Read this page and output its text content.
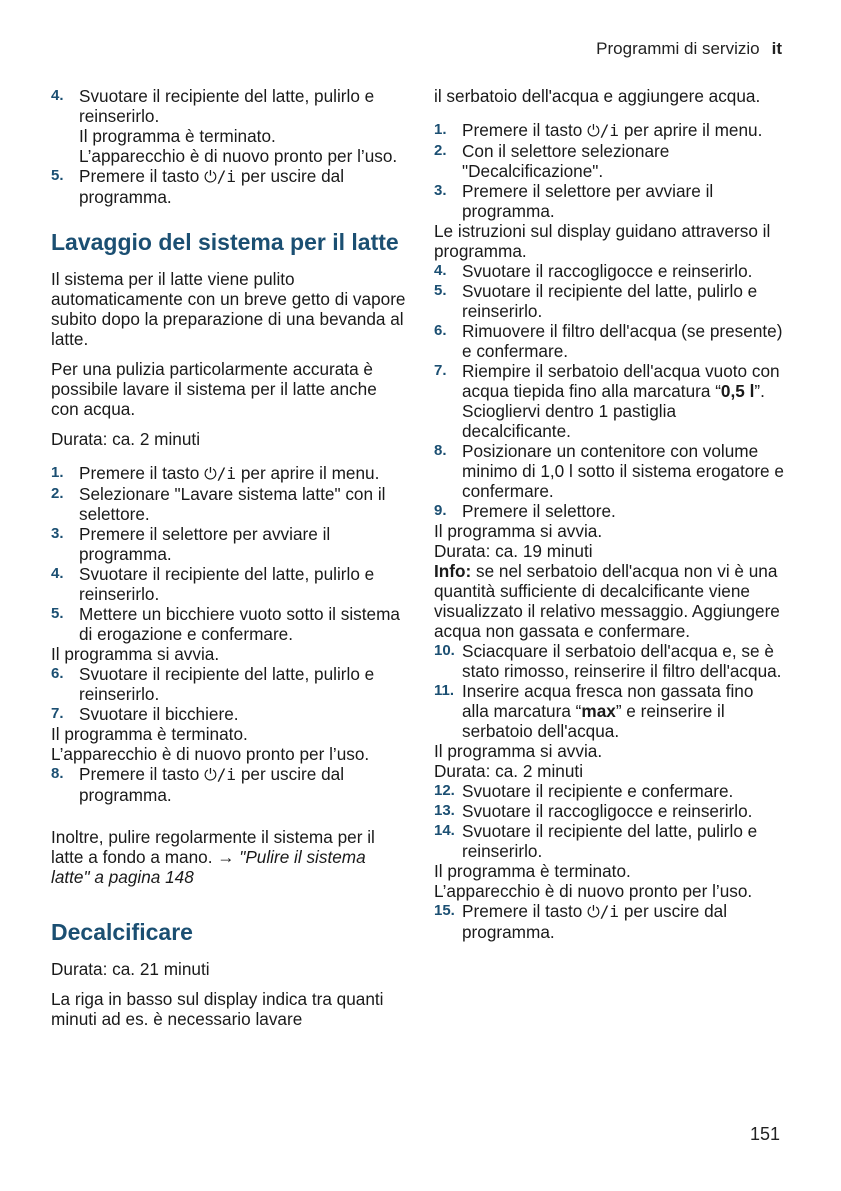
Programmi di servizio it
4. Svuotare il recipiente del latte, pulirlo e reinserirlo.

Il programma è terminato.

L’apparecchio è di nuovo pronto per l’uso.

5. Premere il tasto ⏻/i per uscire dal programma.

Lavaggio del sistema per il latte

Il sistema per il latte viene pulito automaticamente con un breve getto di vapore subito dopo la preparazione di una bevanda al latte.

Per una pulizia particolarmente accurata è possibile lavare il sistema per il latte anche con acqua.

Durata: ca. 2 minuti

1. Premere il tasto ⏻/i per aprire il menu.

2. Selezionare "Lavare sistema latte" con il selettore.

3. Premere il selettore per avviare il programma.

4. Svuotare il recipiente del latte, pulirlo e reinserirlo.

5. Mettere un bicchiere vuoto sotto il sistema di erogazione e confermare.

Il programma si avvia.

6. Svuotare il recipiente del latte, pulirlo e reinserirlo.

7. Svuotare il bicchiere.

Il programma è terminato.

L’apparecchio è di nuovo pronto per l’uso.

8. Premere il tasto ⏻/i per uscire dal programma.

Inoltre, pulire regolarmente il sistema per il latte a fondo a mano. → "Pulire il sistema latte" a pagina 148

Decalcificare

Durata: ca. 21 minuti

La riga in basso sul display indica tra quanti minuti ad es. è necessario lavare

il serbatoio dell'acqua e aggiungere acqua.

1. Premere il tasto ⏻/i per aprire il menu.

2. Con il selettore selezionare "Decalcificazione".

3. Premere il selettore per avviare il programma.

Le istruzioni sul display guidano attraverso il programma.

4. Svuotare il raccogligocce e reinserirlo.

5. Svuotare il recipiente del latte, pulirlo e reinserirlo.

6. Rimuovere il filtro dell'acqua (se presente) e confermare.

7. Riempire il serbatoio dell'acqua vuoto con acqua tiepida fino alla marcatura “0,5 l”. Sciogliervi dentro 1 pastiglia decalcificante.

8. Posizionare un contenitore con volume minimo di 1,0 l sotto il sistema erogatore e confermare.

9. Premere il selettore.

Il programma si avvia.

Durata: ca. 19 minuti

Info: se nel serbatoio dell'acqua non vi è una quantità sufficiente di decalcificante viene visualizzato il relativo messaggio. Aggiungere acqua non gassata e confermare.

10. Sciacquare il serbatoio dell'acqua e, se è stato rimosso, reinserire il filtro dell'acqua.

11. Inserire acqua fresca non gassata fino alla marcatura “max” e reinserire il serbatoio dell'acqua.

Il programma si avvia.

Durata: ca. 2 minuti

12. Svuotare il recipiente e confermare.

13. Svuotare il raccogligocce e reinserirlo.

14. Svuotare il recipiente del latte, pulirlo e reinserirlo.

Il programma è terminato.

L’apparecchio è di nuovo pronto per l’uso.

15. Premere il tasto ⏻/i per uscire dal programma.

151
